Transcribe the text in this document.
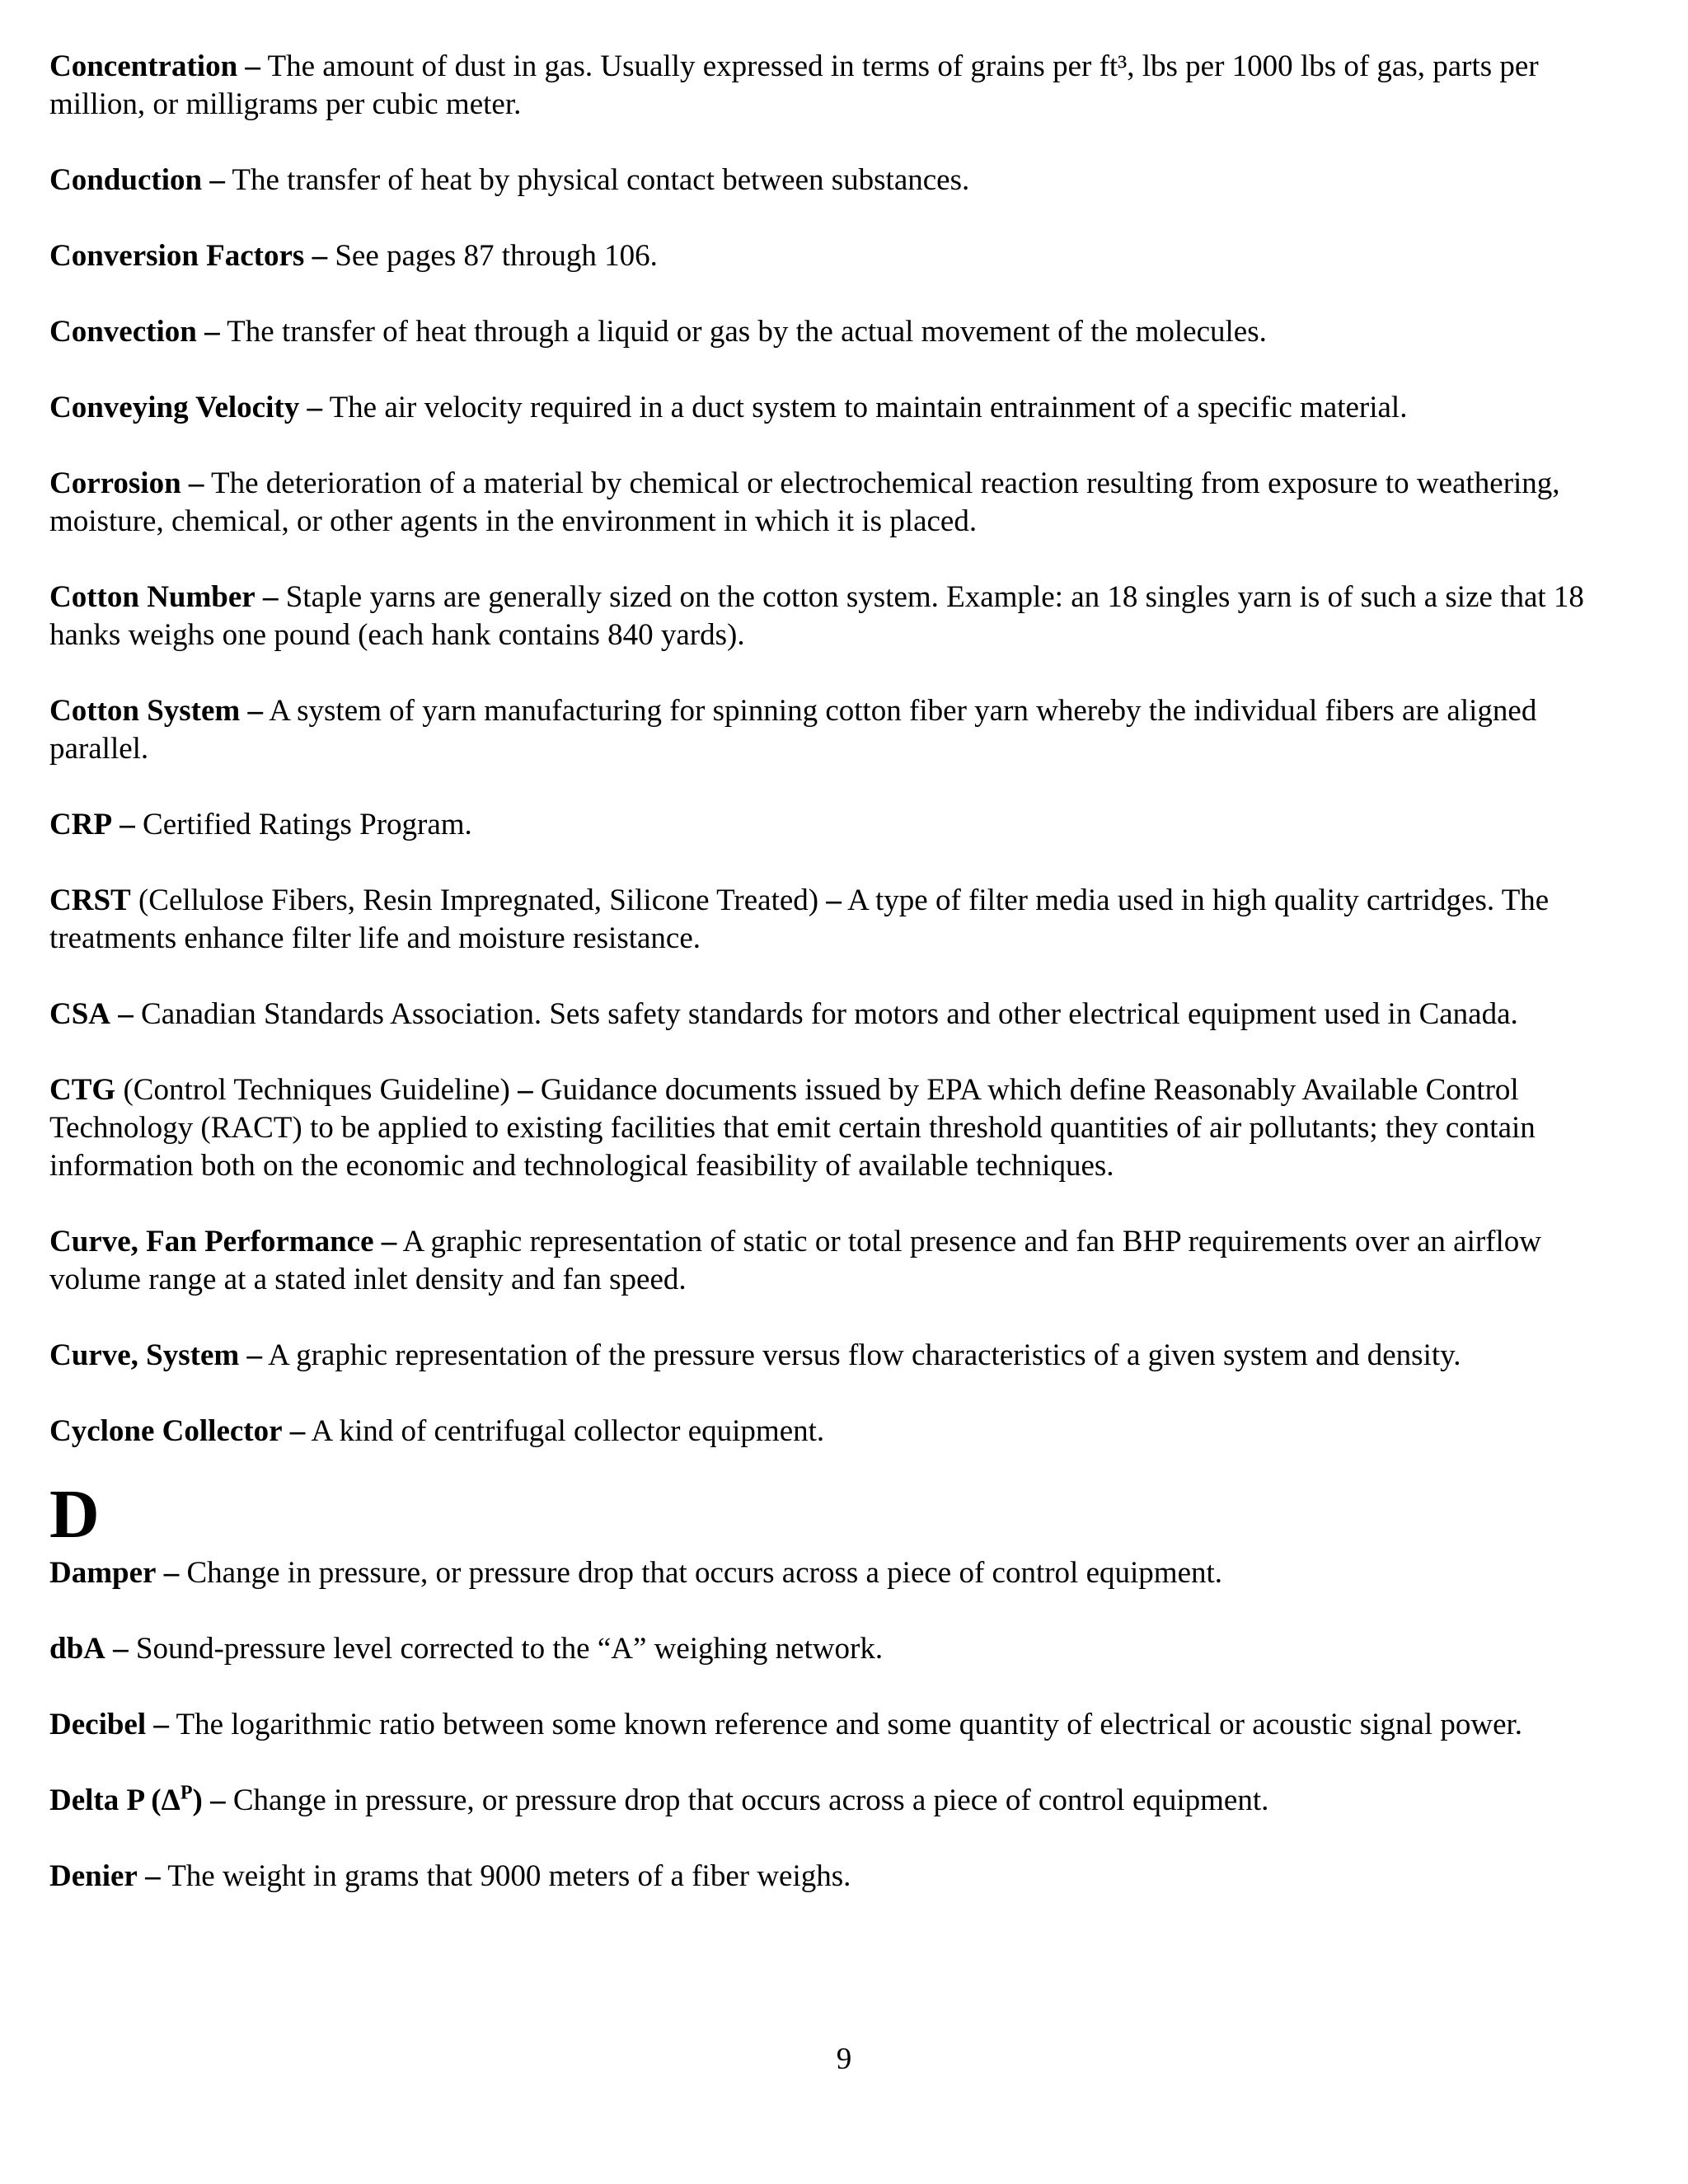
Concentration – The amount of dust in gas. Usually expressed in terms of grains per ft³, lbs per 1000 lbs of gas, parts per million, or milligrams per cubic meter.

Conduction – The transfer of heat by physical contact between substances.

Conversion Factors – See pages 87 through 106.

Convection – The transfer of heat through a liquid or gas by the actual movement of the molecules.

Conveying Velocity – The air velocity required in a duct system to maintain entrainment of a specific material.

Corrosion – The deterioration of a material by chemical or electrochemical reaction resulting from exposure to weathering, moisture, chemical, or other agents in the environment in which it is placed.

Cotton Number – Staple yarns are generally sized on the cotton system. Example: an 18 singles yarn is of such a size that 18 hanks weighs one pound (each hank contains 840 yards).

Cotton System – A system of yarn manufacturing for spinning cotton fiber yarn whereby the individual fibers are aligned parallel.

CRP – Certified Ratings Program.

CRST (Cellulose Fibers, Resin Impregnated, Silicone Treated) – A type of filter media used in high quality cartridges. The treatments enhance filter life and moisture resistance.

CSA – Canadian Standards Association. Sets safety standards for motors and other electrical equipment used in Canada.

CTG (Control Techniques Guideline) – Guidance documents issued by EPA which define Reasonably Available Control Technology (RACT) to be applied to existing facilities that emit certain threshold quantities of air pollutants; they contain information both on the economic and technological feasibility of available techniques.

Curve, Fan Performance – A graphic representation of static or total presence and fan BHP requirements over an airflow volume range at a stated inlet density and fan speed.

Curve, System – A graphic representation of the pressure versus flow characteristics of a given system and density.

Cyclone Collector – A kind of centrifugal collector equipment.

D

Damper – Change in pressure, or pressure drop that occurs across a piece of control equipment.

dbA – Sound-pressure level corrected to the “A” weighing network.

Decibel – The logarithmic ratio between some known reference and some quantity of electrical or acoustic signal power.

Delta P $(\Delta^P)$ – Change in pressure, or pressure drop that occurs across a piece of control equipment.

Denier – The weight in grams that 9000 meters of a fiber weighs.

9
